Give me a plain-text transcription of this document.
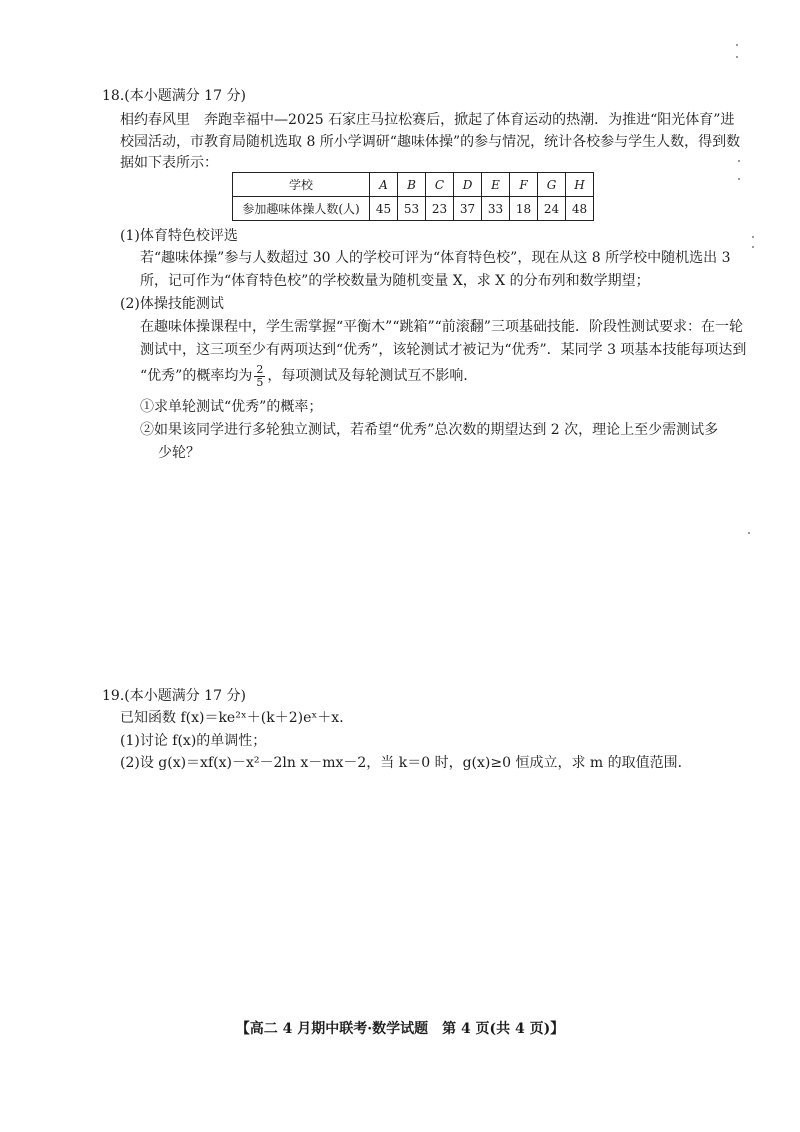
18.(本小题满分 17 分)
相约春风里　奔跑幸福中—2025 石家庄马拉松赛后，掀起了体育运动的热潮．为推进“阳光体育”进
校园活动，市教育局随机选取 8 所小学调研“趣味体操”的参与情况，统计各校参与学生人数，得到数
据如下表所示：
学校	A	B	C	D	E	F	G	H
参加趣味体操人数(人)	45	53	23	37	33	18	24	48
(1)体育特色校评选
若“趣味体操”参与人数超过 30 人的学校可评为“体育特色校”，现在从这 8 所学校中随机选出 3
所，记可作为“体育特色校”的学校数量为随机变量 X，求 X 的分布列和数学期望；
(2)体操技能测试
在趣味体操课程中，学生需掌握“平衡木”“跳箱”“前滚翻”三项基础技能．阶段性测试要求：在一轮
测试中，这三项至少有两项达到“优秀”，该轮测试才被记为“优秀”．某同学 3 项基本技能每项达到
“优秀”的概率均为 $\frac{2}{5}$ ，每项测试及每轮测试互不影响．
①求单轮测试“优秀”的概率；
②如果该同学进行多轮独立测试，若希望“优秀”总次数的期望达到 2 次，理论上至少需测试多
少轮？
19.(本小题满分 17 分)
已知函数 f(x)＝ke²ˣ＋(k＋2)eˣ＋x．
(1)讨论 f(x)的单调性；
(2)设 g(x)＝xf(x)－x²－2ln x－mx－2，当 k＝0 时，g(x)≥0 恒成立，求 m 的取值范围．
【高二 4 月期中联考·数学试题　第 4 页(共 4 页)】
